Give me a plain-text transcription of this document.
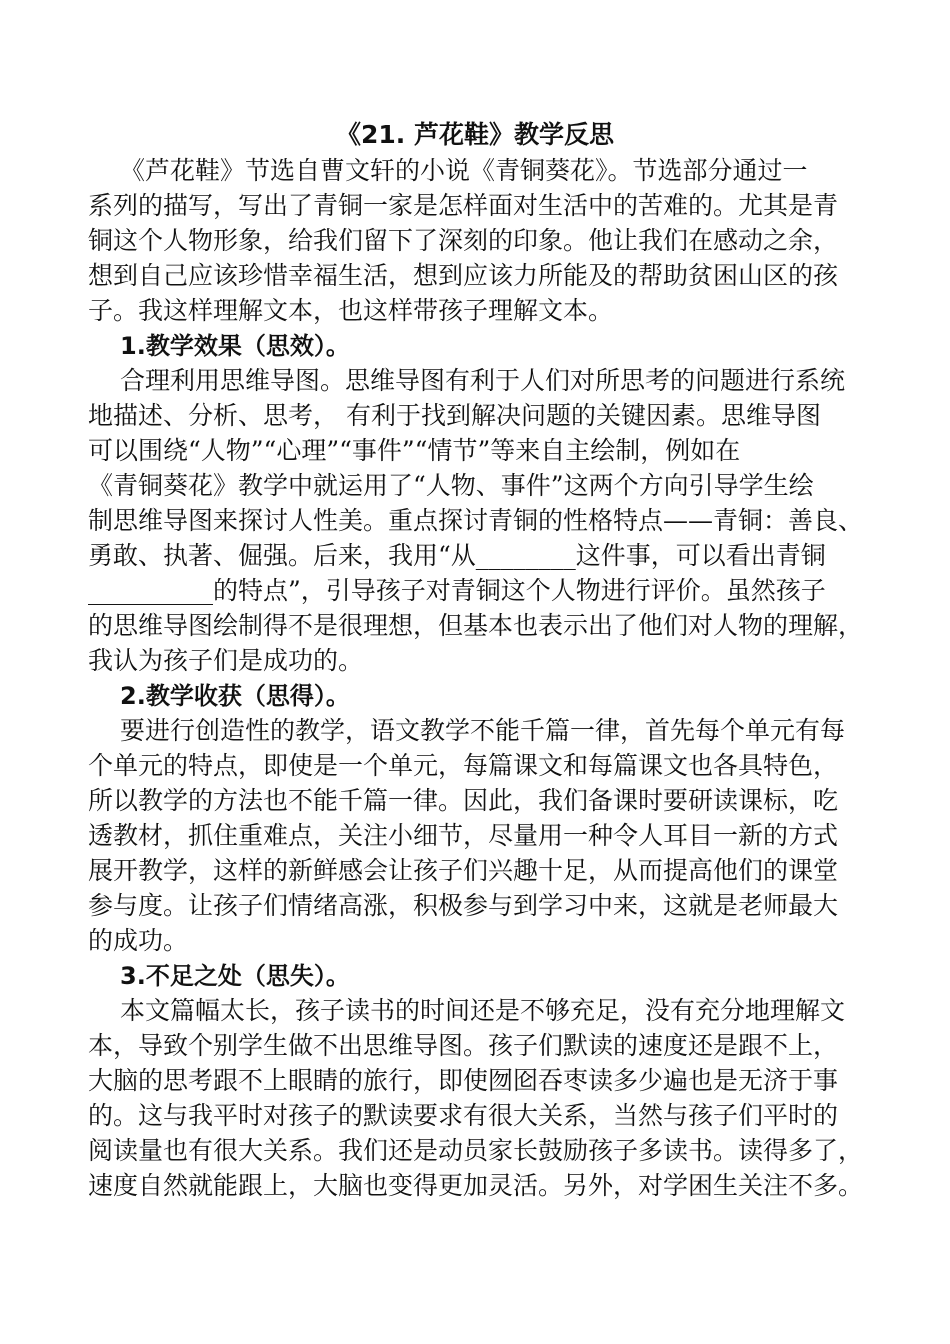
《21. 芦花鞋》教学反思

《芦花鞋》节选自曹文轩的小说《青铜葵花》。节选部分通过一

系列的描写，写出了青铜一家是怎样面对生活中的苦难的。尤其是青

铜这个人物形象，给我们留下了深刻的印象。他让我们在感动之余，

想到自己应该珍惜幸福生活，想到应该力所能及的帮助贫困山区的孩

子。我这样理解文本，也这样带孩子理解文本。

1.教学效果（思效）。

合理利用思维导图。思维导图有利于人们对所思考的问题进行系统

地描述、分析、思考， 有利于找到解决问题的关键因素。思维导图

可以围绕“人物”“心理”“事件”“情节”等来自主绘制，例如在

《青铜葵花》教学中就运用了“人物、事件”这两个方向引导学生绘

制思维导图来探讨人性美。重点探讨青铜的性格特点——青铜：善良、

勇敢、执著、倔强。后来，我用“从________这件事，可以看出青铜

__________的特点”，引导孩子对青铜这个人物进行评价。虽然孩子

的思维导图绘制得不是很理想，但基本也表示出了他们对人物的理解，

我认为孩子们是成功的。

2.教学收获（思得）。

要进行创造性的教学，语文教学不能千篇一律，首先每个单元有每

个单元的特点，即使是一个单元，每篇课文和每篇课文也各具特色，

所以教学的方法也不能千篇一律。因此，我们备课时要研读课标，吃

透教材，抓住重难点，关注小细节，尽量用一种令人耳目一新的方式

展开教学，这样的新鲜感会让孩子们兴趣十足，从而提高他们的课堂

参与度。让孩子们情绪高涨，积极参与到学习中来，这就是老师最大

的成功。

3.不足之处（思失）。

本文篇幅太长，孩子读书的时间还是不够充足，没有充分地理解文

本，导致个别学生做不出思维导图。孩子们默读的速度还是跟不上，

大脑的思考跟不上眼睛的旅行，即使囫囵吞枣读多少遍也是无济于事

的。这与我平时对孩子的默读要求有很大关系，当然与孩子们平时的

阅读量也有很大关系。我们还是动员家长鼓励孩子多读书。读得多了，

速度自然就能跟上，大脑也变得更加灵活。另外，对学困生关注不多。
